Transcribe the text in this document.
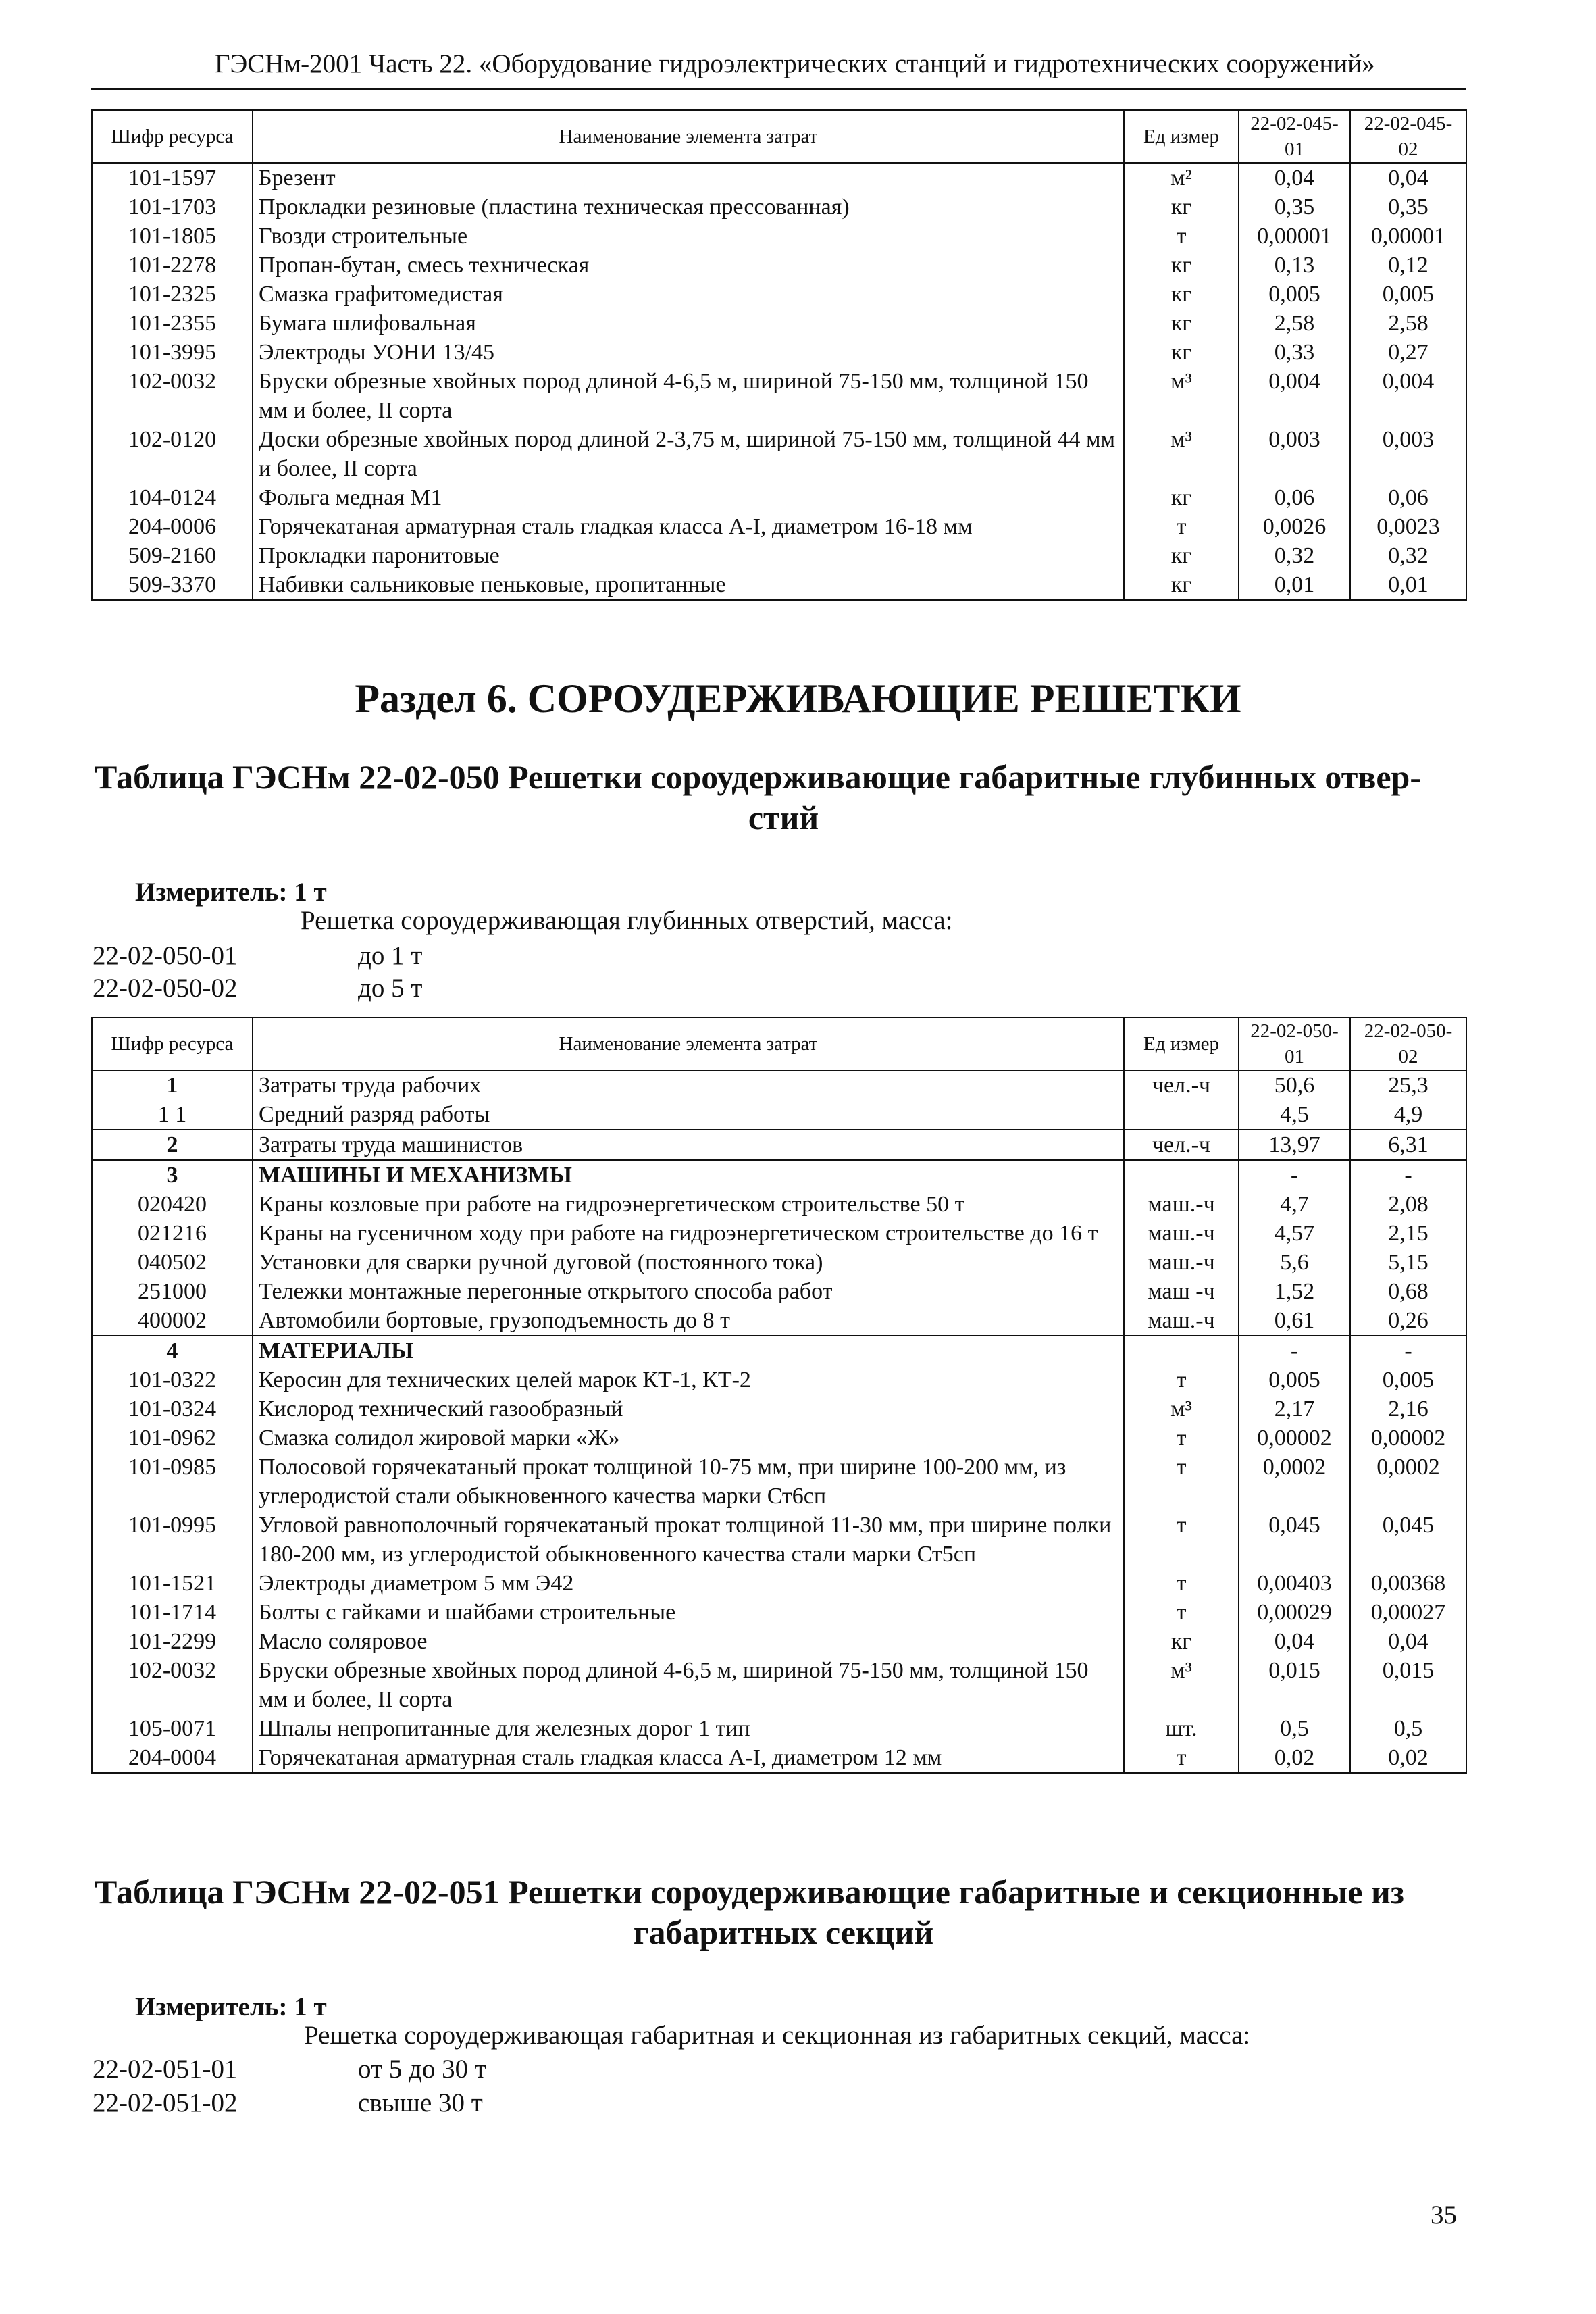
ГЭСНм-2001 Часть 22. «Оборудование гидроэлектрических станций и гидротехнических сооружений»
Шифр ресурса	Наименование элемента затрат	Ед измер	22-02-045-01	22-02-045-02
101-1597	Брезент	м²	0,04	0,04
101-1703	Прокладки резиновые (пластина техническая прессованная)	кг	0,35	0,35
101-1805	Гвозди строительные	т	0,00001	0,00001
101-2278	Пропан-бутан, смесь техническая	кг	0,13	0,12
101-2325	Смазка графитомедистая	кг	0,005	0,005
101-2355	Бумага шлифовальная	кг	2,58	2,58
101-3995	Электроды УОНИ 13/45	кг	0,33	0,27
102-0032	Бруски обрезные хвойных пород длиной 4-6,5 м, шириной 75-150 мм, толщиной 150 мм и более, II сорта	м³	0,004	0,004
102-0120	Доски обрезные хвойных пород длиной 2-3,75 м, шириной 75-150 мм, толщиной 44 мм и более, II сорта	м³	0,003	0,003
104-0124	Фольга медная М1	кг	0,06	0,06
204-0006	Горячекатаная арматурная сталь гладкая класса А-I, диаметром 16-18 мм	т	0,0026	0,0023
509-2160	Прокладки паронитовые	кг	0,32	0,32
509-3370	Набивки сальниковые пеньковые, пропитанные	кг	0,01	0,01
Раздел 6. СОРОУДЕРЖИВАЮЩИЕ РЕШЕТКИ
Таблица ГЭСНм 22-02-050 Решетки сороудерживающие габаритные глубинных отвер-
стий
Измеритель: 1 т
Решетка сороудерживающая глубинных отверстий, масса:
22-02-050-01	до 1 т
22-02-050-02	до 5 т
Шифр ресурса	Наименование элемента затрат	Ед измер	22-02-050-01	22-02-050-02
1	Затраты труда рабочих	чел.-ч	50,6	25,3
1 1	Средний разряд работы		4,5	4,9
2	Затраты труда машинистов	чел.-ч	13,97	6,31
3	МАШИНЫ И МЕХАНИЗМЫ		-	-
020420	Краны козловые при работе на гидроэнергетическом строительстве 50 т	маш.-ч	4,7	2,08
021216	Краны на гусеничном ходу при работе на гидроэнергетическом строительстве до 16 т	маш.-ч	4,57	2,15
040502	Установки для сварки ручной дуговой (постоянного тока)	маш.-ч	5,6	5,15
251000	Тележки монтажные перегонные открытого способа работ	маш -ч	1,52	0,68
400002	Автомобили бортовые, грузоподъемность до 8 т	маш.-ч	0,61	0,26
4	МАТЕРИАЛЫ		-	-
101-0322	Керосин для технических целей марок КТ-1, КТ-2	т	0,005	0,005
101-0324	Кислород технический газообразный	м³	2,17	2,16
101-0962	Смазка солидол жировой марки «Ж»	т	0,00002	0,00002
101-0985	Полосовой горячекатаный прокат толщиной 10-75 мм, при ширине 100-200 мм, из углеродистой стали обыкновенного качества марки Ст6сп	т	0,0002	0,0002
101-0995	Угловой равнополочный горячекатаный прокат толщиной 11-30 мм, при ширине полки 180-200 мм, из углеродистой обыкновенного качества стали марки Ст5сп	т	0,045	0,045
101-1521	Электроды диаметром 5 мм Э42	т	0,00403	0,00368
101-1714	Болты с гайками и шайбами строительные	т	0,00029	0,00027
101-2299	Масло соляровое	кг	0,04	0,04
102-0032	Бруски обрезные хвойных пород длиной 4-6,5 м, шириной 75-150 мм, толщиной 150 мм и более, II сорта	м³	0,015	0,015
105-0071	Шпалы непропитанные для железных дорог 1 тип	шт.	0,5	0,5
204-0004	Горячекатаная арматурная сталь гладкая класса А-I, диаметром 12 мм	т	0,02	0,02
Таблица ГЭСНм 22-02-051 Решетки сороудерживающие габаритные и секционные из
габаритных секций
Измеритель: 1 т
Решетка сороудерживающая габаритная и секционная из габаритных секций, масса:
22-02-051-01	от 5 до 30 т
22-02-051-02	свыше 30 т
35
